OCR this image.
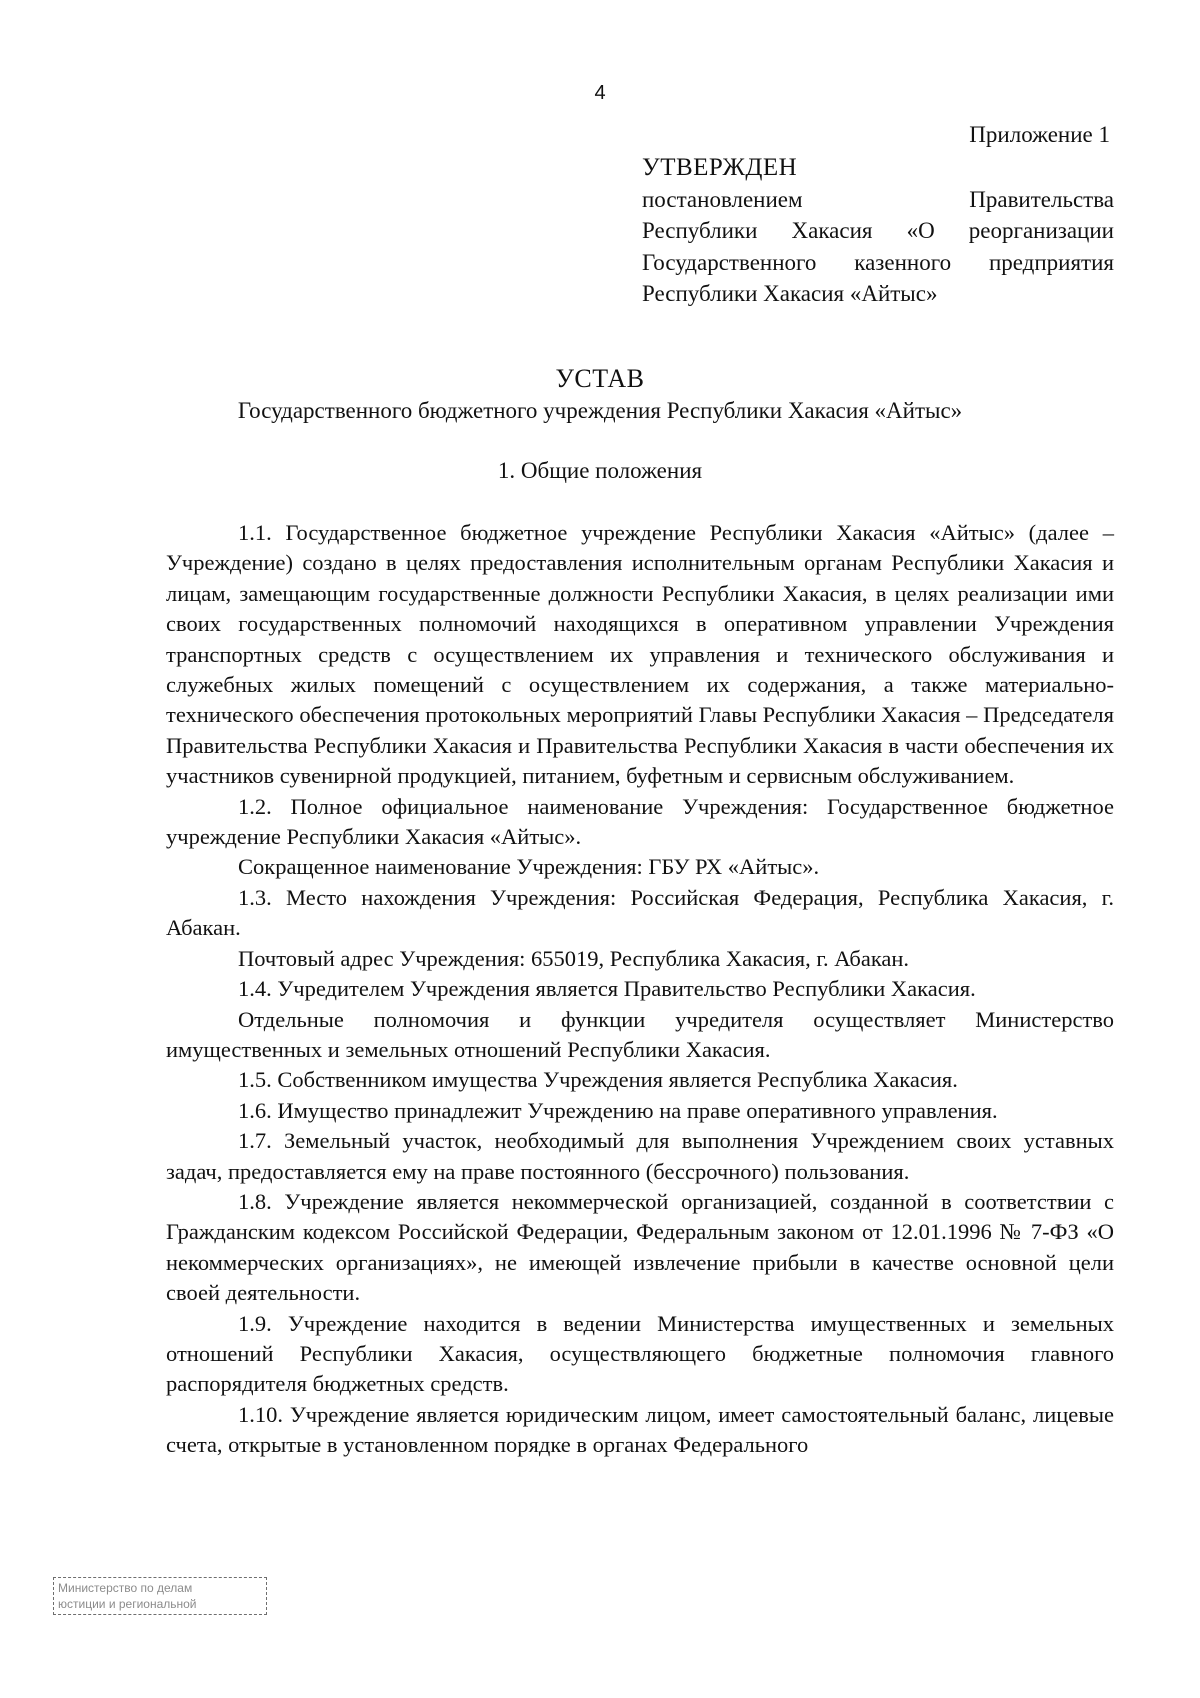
4
Приложение 1
УТВЕРЖДЕН
постановлением Правительства
Республики Хакасия «О реорганизации
Государственного казенного предприятия
Республики Хакасия «Айтыс»
УСТАВ
Государственного бюджетного учреждения Республики Хакасия «Айтыс»
1. Общие положения

1.1. Государственное бюджетное учреждение Республики Хакасия «Айтыс» (далее – Учреждение) создано в целях предоставления исполнительным органам Республики Хакасия и лицам, замещающим государственные должности Республики Хакасия, в целях реализации ими своих государственных полномочий находящихся в оперативном управлении Учреждения транспортных средств с осуществлением их управления и технического обслуживания и служебных жилых помещений с осуществлением их содержания, а также материально-технического обеспечения протокольных мероприятий Главы Республики Хакасия – Председателя Правительства Республики Хакасия и Правительства Республики Хакасия в части обеспечения их участников сувенирной продукцией, питанием, буфетным и сервисным обслуживанием.

1.2. Полное официальное наименование Учреждения: Государственное бюджетное учреждение Республики Хакасия «Айтыс».

Сокращенное наименование Учреждения: ГБУ РХ «Айтыс».

1.3. Место нахождения Учреждения: Российская Федерация, Республика Хакасия, г. Абакан.

Почтовый адрес Учреждения: 655019, Республика Хакасия, г. Абакан.

1.4. Учредителем Учреждения является Правительство Республики Хакасия.

Отдельные полномочия и функции учредителя осуществляет Министерство имущественных и земельных отношений Республики Хакасия.

1.5. Собственником имущества Учреждения является Республика Хакасия.

1.6. Имущество принадлежит Учреждению на праве оперативного управления.

1.7. Земельный участок, необходимый для выполнения Учреждением своих уставных задач, предоставляется ему на праве постоянного (бессрочного) пользования.

1.8. Учреждение является некоммерческой организацией, созданной в соответствии с Гражданским кодексом Российской Федерации, Федеральным законом от 12.01.1996 № 7-ФЗ «О некоммерческих организациях», не имеющей извлечение прибыли в качестве основной цели своей деятельности.

1.9. Учреждение находится в ведении Министерства имущественных и земельных отношений Республики Хакасия, осуществляющего бюджетные полномочия главного распорядителя бюджетных средств.

1.10. Учреждение является юридическим лицом, имеет самостоятельный баланс, лицевые счета, открытые в установленном порядке в органах Федерального

Министерство по делам
юстиции и региональной
